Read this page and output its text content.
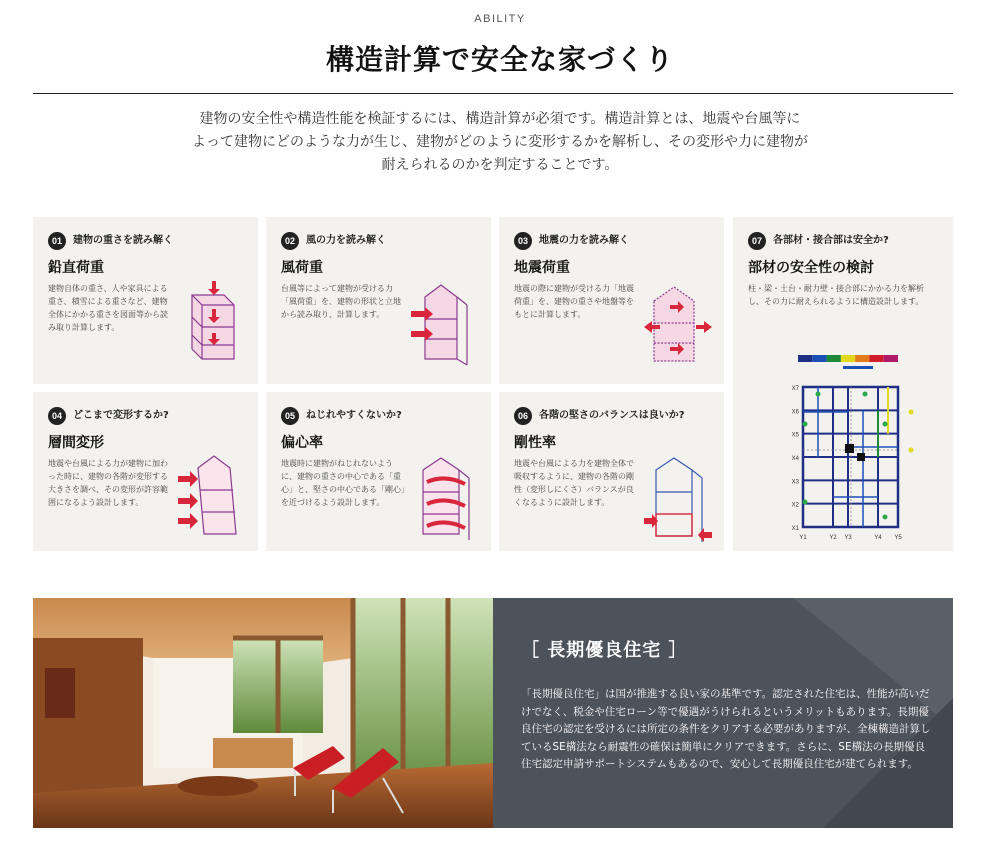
ABILITY
構造計算で安全な家づくり

建物の安全性や構造性能を検証するには、構造計算が必須です。構造計算とは、地震や台風等に

よって建物にどのような力が生じ、建物がどのように変形するかを解析し、その変形や力に建物が

耐えられるのかを判定することです。

01	建物の重さを読み解く
鉛直荷重
建物自体の重さ、人や家具による重さ、積雪による重さなど、建物全体にかかる重さを図面等から読み取り計算します。
02	風の力を読み解く
風荷重
台風等によって建物が受ける力「風荷重」を、建物の形状と立地から読み取り、計算します。
03	地震の力を読み解く
地震荷重
地震の際に建物が受ける力「地震荷重」を、建物の重さや地盤等をもとに計算します。
04	どこまで変形するか?
層間変形
地震や台風による力が建物に加わった時に、建物の各階が変形する大きさを調べ、その変形が許容範囲になるよう設計します。
05	ねじれやすくないか?
偏心率
地震時に建物がねじれないように、建物の重さの中心である「重心」と、堅さの中心である「剛心」を近づけるよう設計します。
06	各階の堅さのバランスは良いか?
剛性率
地震や台風による力を建物全体で吸収するように、建物の各階の剛性（変形しにくさ）バランスが良くなるように設計します。
07	各部材・接合部は安全か?
部材の安全性の検討
柱・梁・土台・耐力壁・接合部にかかる力を解析し、その力に耐えられるように構造設計します。
X7
X6
X5
X4
X3
X2
X1
Y1	Y2 Y3	Y4 Y5
［ 長期優良住宅 ］
「長期優良住宅」は国が推進する良い家の基準です。認定された住宅は、性能が高いだけでなく、税金や住宅ローン等で優遇がうけられるというメリットもあります。長期優良住宅の認定を受けるには所定の条件をクリアする必要がありますが、全棟構造計算しているSE構法なら耐震性の確保は簡単にクリアできます。さらに、SE構法の長期優良住宅認定申請サポートシステムもあるので、安心して長期優良住宅が建てられます。
